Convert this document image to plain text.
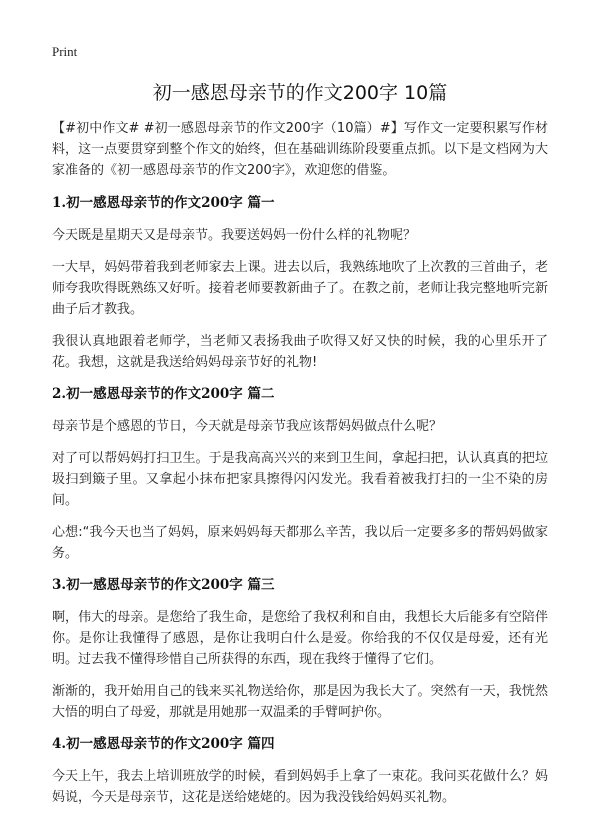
Print
初一感恩母亲节的作文200字 10篇

【#初中作文# #初一感恩母亲节的作文200字（10篇）#】写作文一定要积累写作材料，这一点要贯穿到整个作文的始终，但在基础训练阶段要重点抓。以下是文档网为大家准备的《初一感恩母亲节的作文200字》，欢迎您的借鉴。

1.初一感恩母亲节的作文200字 篇一

今天既是星期天又是母亲节。我要送妈妈一份什么样的礼物呢？

一大早，妈妈带着我到老师家去上课。进去以后，我熟练地吹了上次教的三首曲子，老师夸我吹得既熟练又好听。接着老师要教新曲子了。在教之前，老师让我完整地听完新曲子后才教我。

我很认真地跟着老师学，当老师又表扬我曲子吹得又好又快的时候，我的心里乐开了花。我想，这就是我送给妈妈母亲节好的礼物!

2.初一感恩母亲节的作文200字 篇二

母亲节是个感恩的节日，今天就是母亲节我应该帮妈妈做点什么呢？

对了可以帮妈妈打扫卫生。于是我高高兴兴的来到卫生间，拿起扫把，认认真真的把垃圾扫到簸子里。又拿起小抹布把家具擦得闪闪发光。我看着被我打扫的一尘不染的房间。

心想:“我今天也当了妈妈，原来妈妈每天都那么辛苦，我以后一定要多多的帮妈妈做家务。

3.初一感恩母亲节的作文200字 篇三

啊，伟大的母亲。是您给了我生命，是您给了我权利和自由，我想长大后能多有空陪伴你。是你让我懂得了感恩，是你让我明白什么是爱。你给我的不仅仅是母爱，还有光明。过去我不懂得珍惜自己所获得的东西，现在我终于懂得了它们。

渐渐的，我开始用自己的钱来买礼物送给你，那是因为我长大了。突然有一天，我恍然大悟的明白了母爱，那就是用她那一双温柔的手臂呵护你。

4.初一感恩母亲节的作文200字 篇四

今天上午，我去上培训班放学的时候，看到妈妈手上拿了一束花。我问买花做什么？妈妈说，今天是母亲节，这花是送给姥姥的。因为我没钱给妈妈买礼物。
